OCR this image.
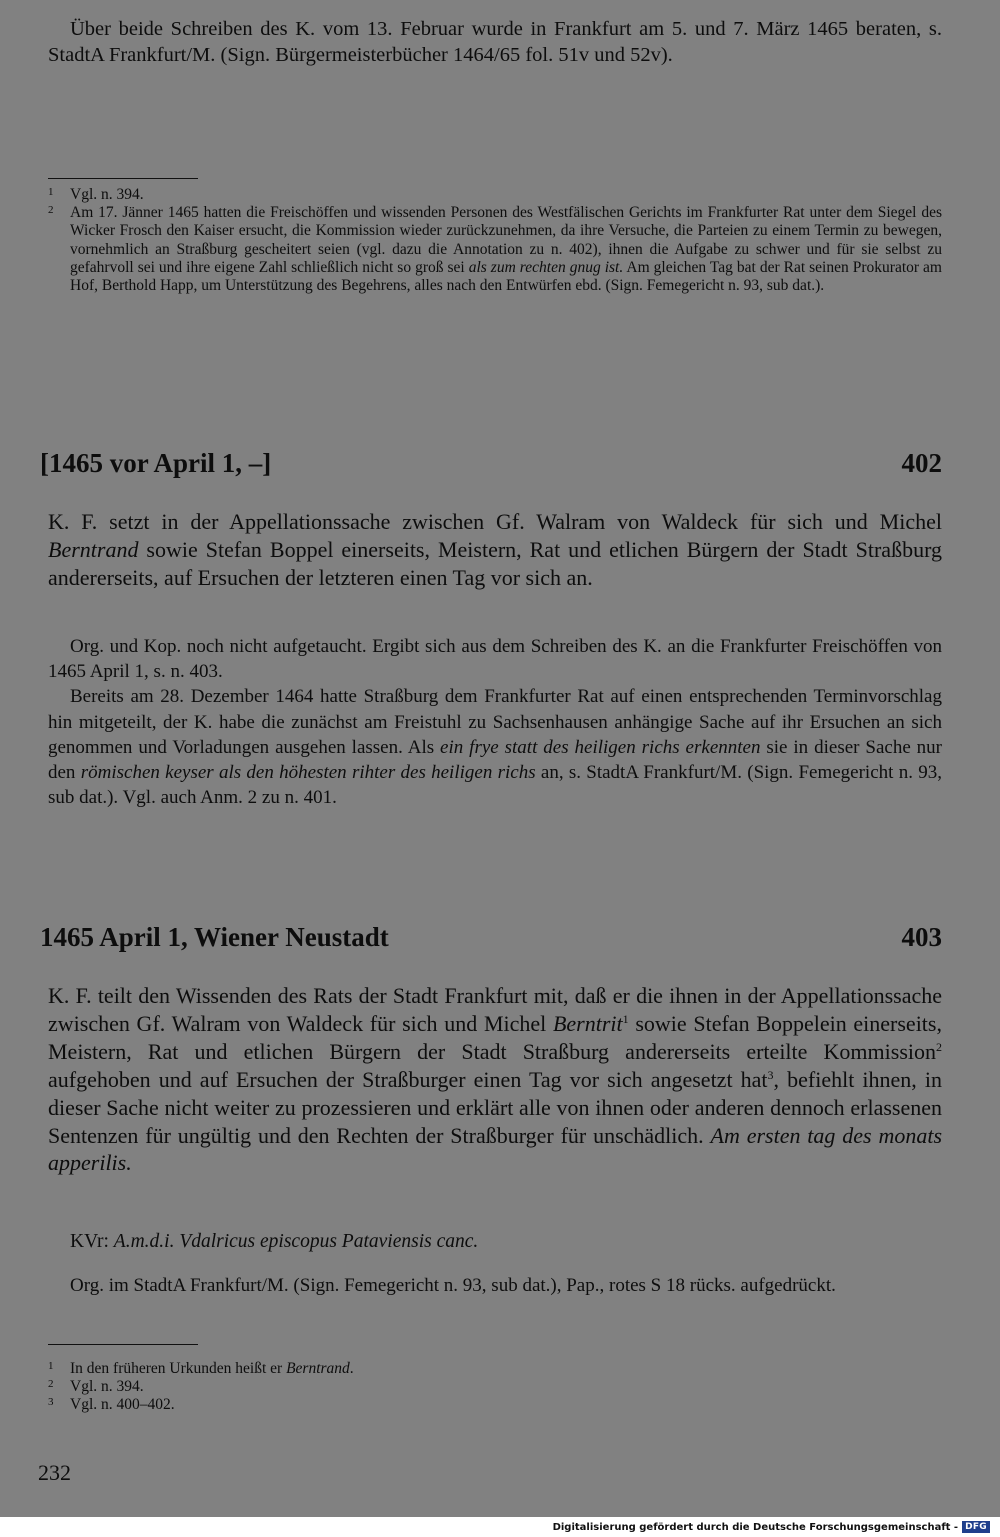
Über beide Schreiben des K. vom 13. Februar wurde in Frankfurt am 5. und 7. März 1465 beraten, s. StadtA Frankfurt/M. (Sign. Bürgermeisterbücher 1464/65 fol. 51v und 52v).

1	Vgl. n. 394.
2	Am 17. Jänner 1465 hatten die Freischöffen und wissenden Personen des Westfälischen Gerichts im Frankfurter Rat unter dem Siegel des Wicker Frosch den Kaiser ersucht, die Kommission wieder zurückzunehmen, da ihre Versuche, die Parteien zu einem Termin zu bewegen, vornehmlich an Straßburg gescheitert seien (vgl. dazu die Annotation zu n. 402), ihnen die Aufgabe zu schwer und für sie selbst zu gefahrvoll sei und ihre eigene Zahl schließlich nicht so groß sei als zum rechten gnug ist. Am gleichen Tag bat der Rat seinen Prokurator am Hof, Berthold Happ, um Unterstützung des Begehrens, alles nach den Entwürfen ebd. (Sign. Femegericht n. 93, sub dat.).
[1465 vor April 1, –]	402

K. F. setzt in der Appellationssache zwischen Gf. Walram von Waldeck für sich und Michel Berntrand sowie Stefan Boppel einerseits, Meistern, Rat und etlichen Bürgern der Stadt Straßburg andererseits, auf Ersuchen der letzteren einen Tag vor sich an.

Org. und Kop. noch nicht aufgetaucht. Ergibt sich aus dem Schreiben des K. an die Frankfurter Freischöffen von 1465 April 1, s. n. 403.

Bereits am 28. Dezember 1464 hatte Straßburg dem Frankfurter Rat auf einen entsprechenden Terminvorschlag hin mitgeteilt, der K. habe die zunächst am Freistuhl zu Sachsenhausen anhängige Sache auf ihr Ersuchen an sich genommen und Vorladungen ausgehen lassen. Als ein frye statt des heiligen richs erkennten sie in dieser Sache nur den römischen keyser als den höhesten rihter des heiligen richs an, s. StadtA Frankfurt/M. (Sign. Femegericht n. 93, sub dat.). Vgl. auch Anm. 2 zu n. 401.

1465 April 1, Wiener Neustadt	403

K. F. teilt den Wissenden des Rats der Stadt Frankfurt mit, daß er die ihnen in der Appellationssache zwischen Gf. Walram von Waldeck für sich und Michel Berntrit$^1$ sowie Stefan Boppelein einerseits, Meistern, Rat und etlichen Bürgern der Stadt Straßburg andererseits erteilte Kommission$^2$ aufgehoben und auf Ersuchen der Straßburger einen Tag vor sich angesetzt hat$^3$, befiehlt ihnen, in dieser Sache nicht weiter zu prozessieren und erklärt alle von ihnen oder anderen dennoch erlassenen Sentenzen für ungültig und den Rechten der Straßburger für unschädlich. Am ersten tag des monats apperilis.

KVr: A.m.d.i. Vdalricus episcopus Pataviensis canc.

Org. im StadtA Frankfurt/M. (Sign. Femegericht n. 93, sub dat.), Pap., rotes S 18 rücks. aufgedrückt.

1	In den früheren Urkunden heißt er Berntrand.
2	Vgl. n. 394.
3	Vgl. n. 400–402.
232
Digitalisierung gefördert durch die Deutsche Forschungsgemeinschaft - DFG
